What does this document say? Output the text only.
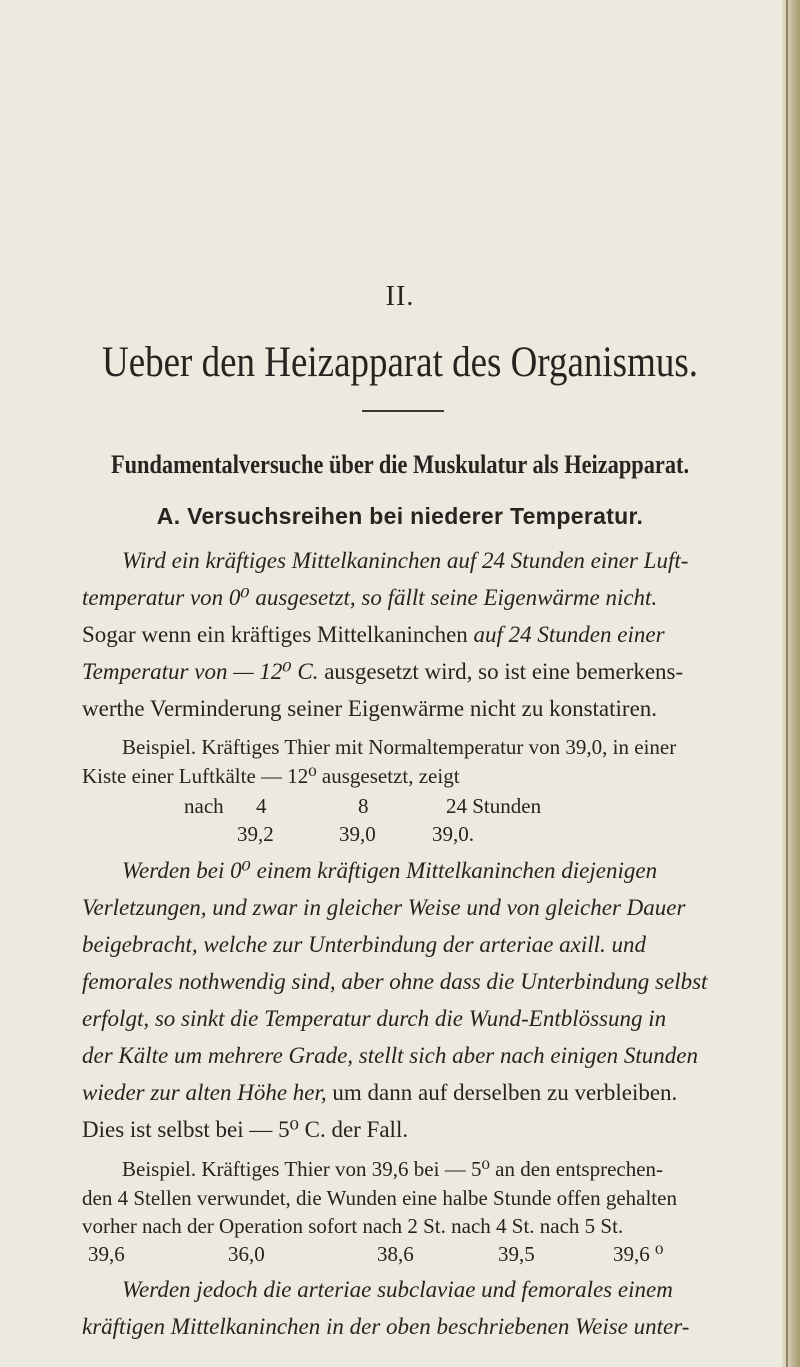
II.
Ueber den Heizapparat des Organismus.
Fundamentalversuche über die Muskulatur als Heizapparat.
A. Versuchsreihen bei niederer Temperatur.
Wird ein kräftiges Mittelkaninchen auf 24 Stunden einer Luft-
temperatur von 0⁰ ausgesetzt, so fällt seine Eigenwärme nicht.
Sogar wenn ein kräftiges Mittelkaninchen auf 24 Stunden einer
Temperatur von — 12⁰ C. ausgesetzt wird, so ist eine bemerkens-
werthe Verminderung seiner Eigenwärme nicht zu konstatiren.
Beispiel. Kräftiges Thier mit Normaltemperatur von 39,0, in einer
Kiste einer Luftkälte — 12⁰ ausgesetzt, zeigt
nach 4	8	24 Stunden
39,2	39,0	39,0.
Werden bei 0⁰ einem kräftigen Mittelkaninchen diejenigen
Verletzungen, und zwar in gleicher Weise und von gleicher Dauer
beigebracht, welche zur Unterbindung der arteriae axill. und
femorales nothwendig sind, aber ohne dass die Unterbindung selbst
erfolgt, so sinkt die Temperatur durch die Wund-Entblössung in
der Kälte um mehrere Grade, stellt sich aber nach einigen Stunden
wieder zur alten Höhe her, um dann auf derselben zu verbleiben.
Dies ist selbst bei — 5⁰ C. der Fall.
Beispiel. Kräftiges Thier von 39,6 bei — 5⁰ an den entsprechen-
den 4 Stellen verwundet, die Wunden eine halbe Stunde offen gehalten
vorher nach der Operation sofort nach 2 St. nach 4 St. nach 5 St.
39,6	36,0	38,6	39,5	39,6 ⁰
Werden jedoch die arteriae subclaviae und femorales einem
kräftigen Mittelkaninchen in der oben beschriebenen Weise unter-
